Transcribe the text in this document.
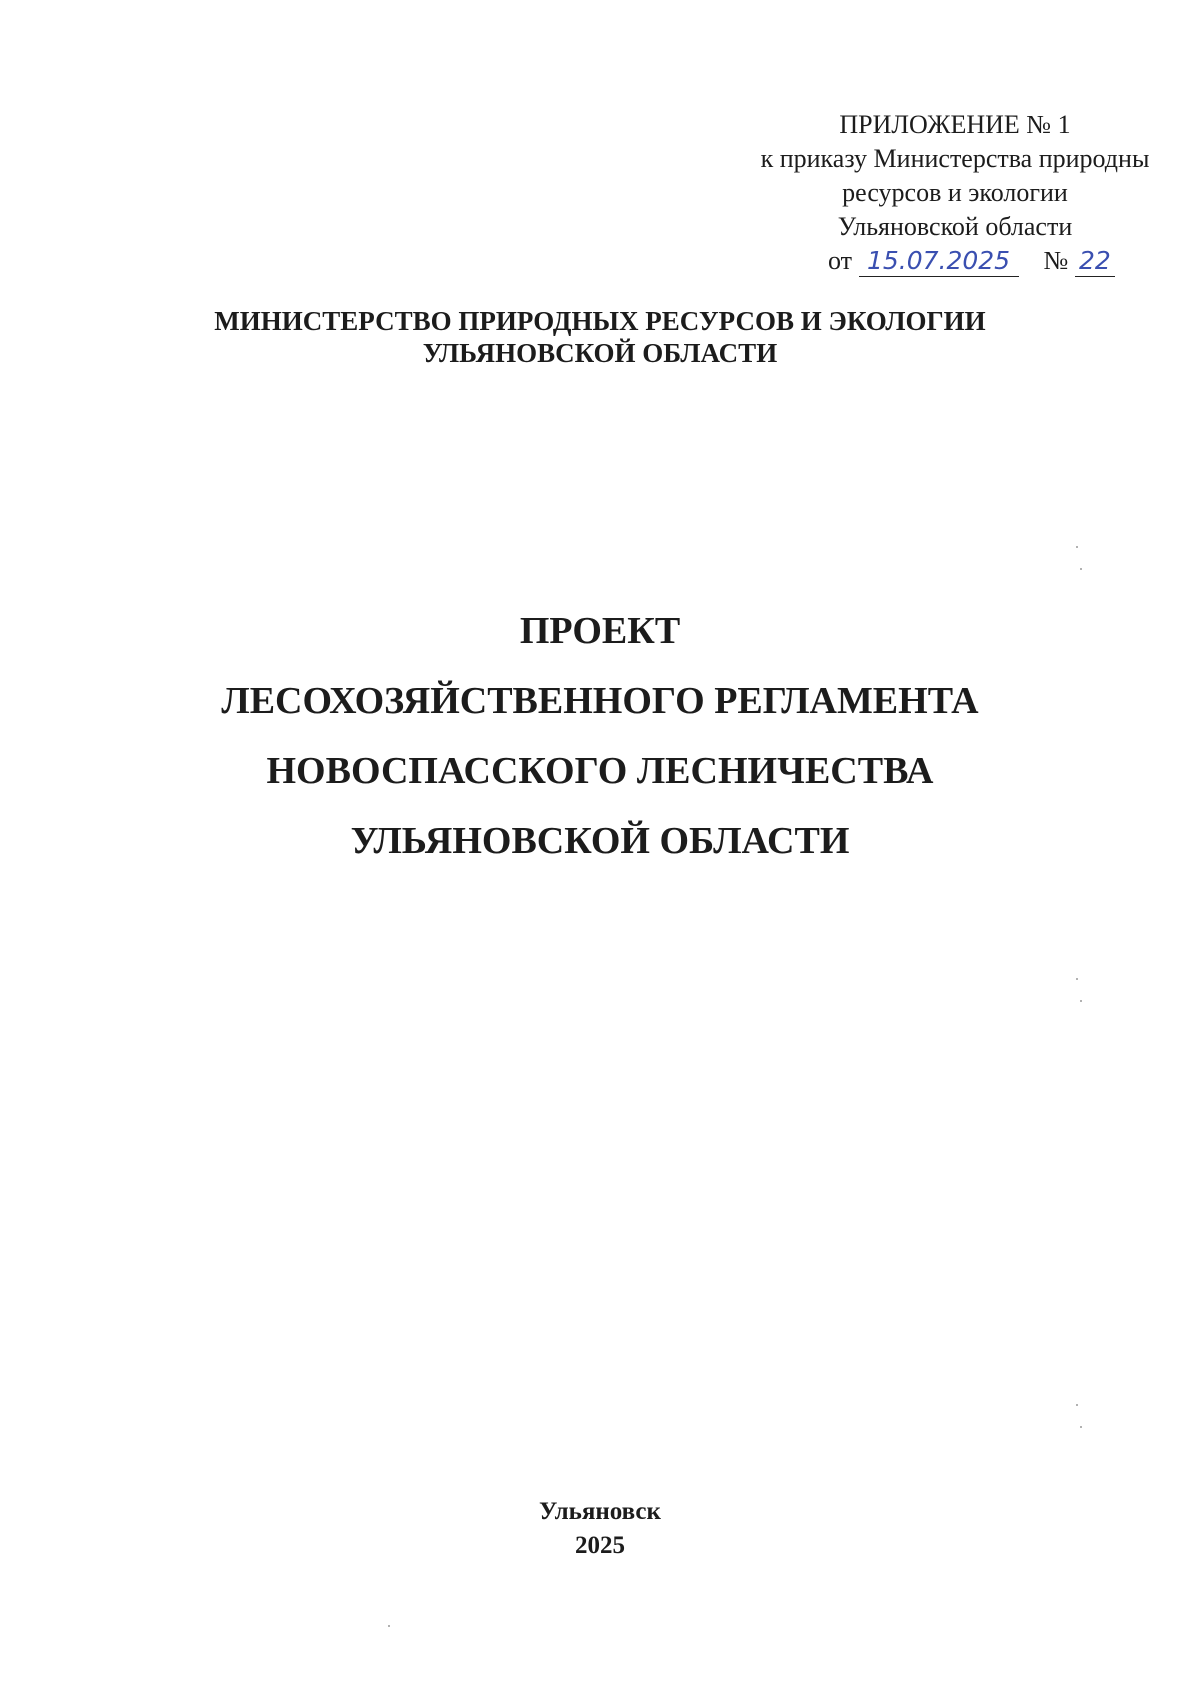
ПРИЛОЖЕНИЕ № 1
к приказу Министерства природны
ресурсов и экологии
Ульяновской области
от 15.07.2025 № 22
МИНИСТЕРСТВО ПРИРОДНЫХ РЕСУРСОВ И ЭКОЛОГИИ
УЛЬЯНОВСКОЙ ОБЛАСТИ
ПРОЕКТ
ЛЕСОХОЗЯЙСТВЕННОГО РЕГЛАМЕНТА
НОВОСПАССКОГО ЛЕСНИЧЕСТВА
УЛЬЯНОВСКОЙ ОБЛАСТИ
Ульяновск
2025
